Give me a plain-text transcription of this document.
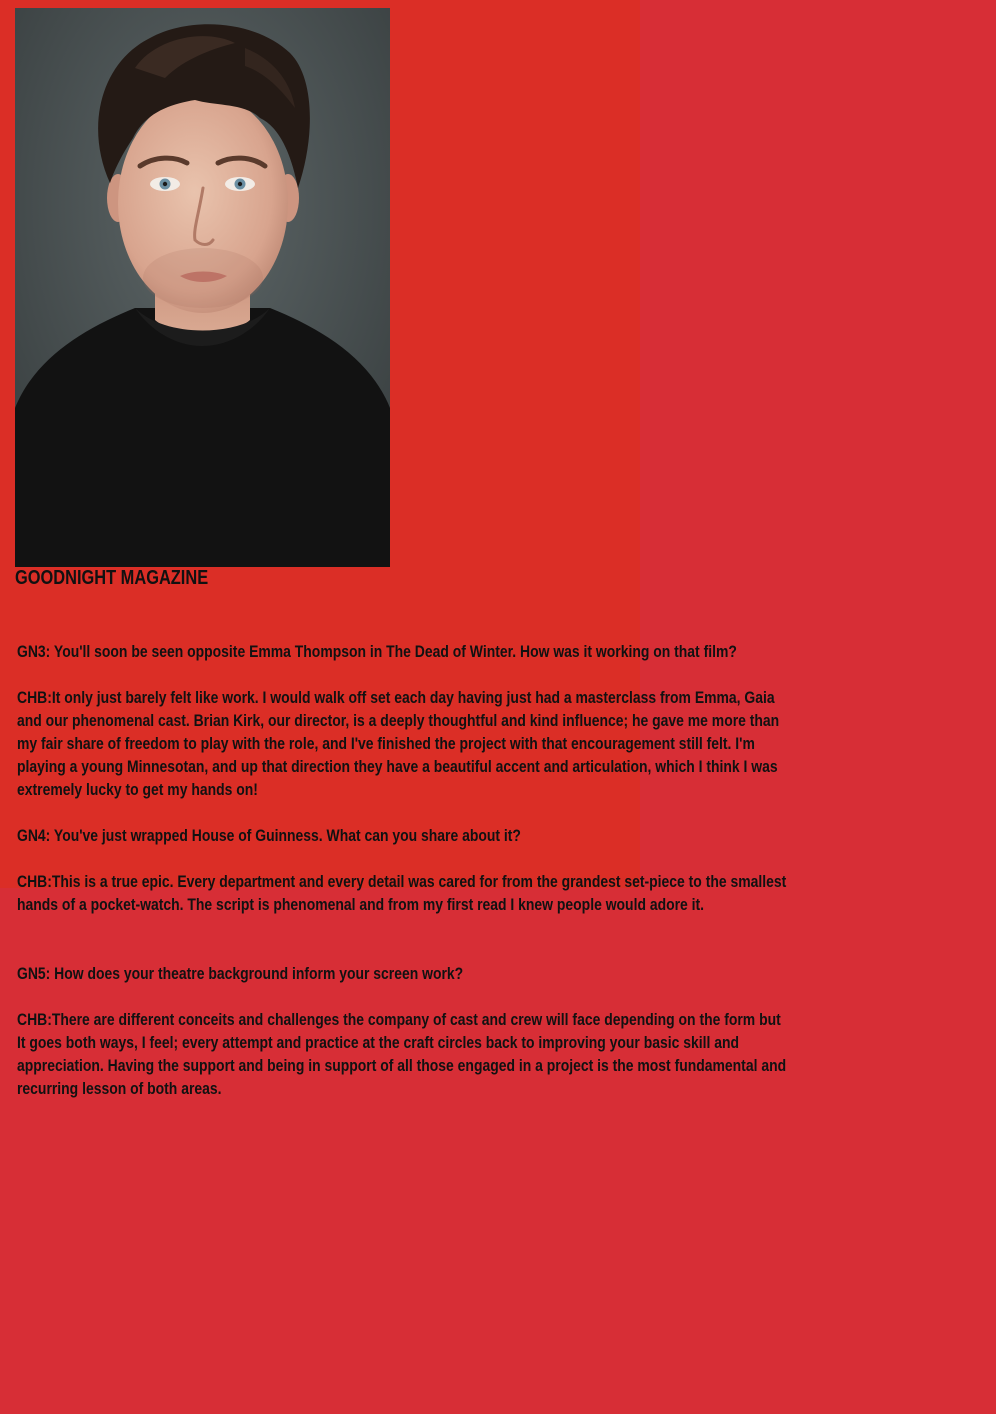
GOODNIGHT MAGAZINE

GN3: You'll soon be seen opposite Emma Thompson in The Dead of Winter. How was it working on that film?

CHB:It only just barely felt like work. I would walk off set each day having just had a masterclass from Emma, Gaia and our phenomenal cast. Brian Kirk, our director, is a deeply thoughtful and kind influence; he gave me more than my fair share of freedom to play with the role, and I've finished the project with that encouragement still felt. I'm playing a young Minnesotan, and up that direction they have a beautiful accent and articulation, which I think I was extremely lucky to get my hands on!

GN4: You've just wrapped House of Guinness. What can you share about it?

CHB:This is a true epic. Every department and every detail was cared for from the grandest set-piece to the smallest hands of a pocket-watch. The script is phenomenal and from my first read I knew people would adore it.

GN5: How does your theatre background inform your screen work?

CHB:There are different conceits and challenges the company of cast and crew will face depending on the form but It goes both ways, I feel; every attempt and practice at the craft circles back to improving your basic skill and appreciation. Having the support and being in support of all those engaged in a project is the most fundamental and recurring lesson of both areas.
